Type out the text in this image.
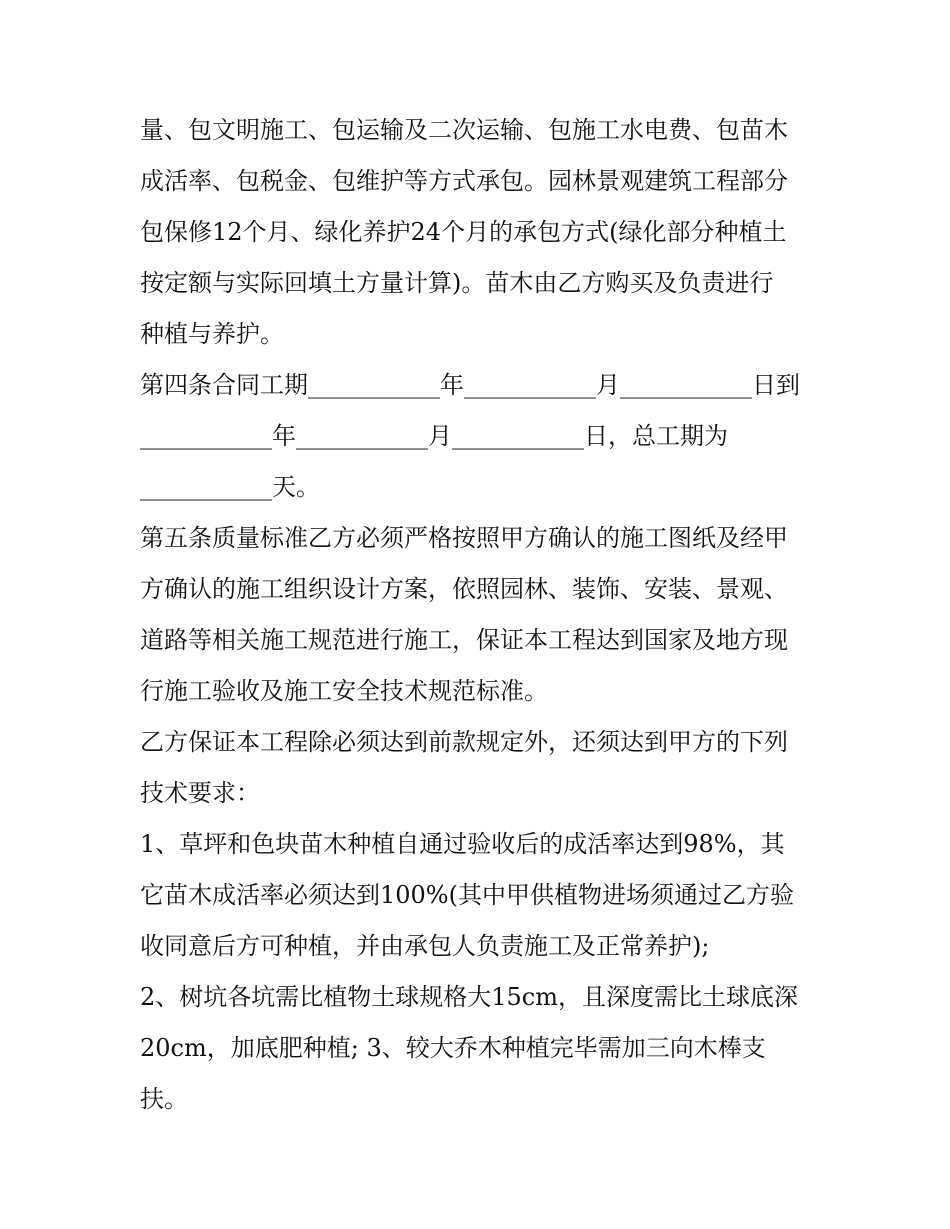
量、包文明施工、包运输及二次运输、包施工水电费、包苗木
成活率、包税金、包维护等方式承包。园林景观建筑工程部分
包保修12个月、绿化养护24个月的承包方式(绿化部分种植土
按定额与实际回填土方量计算)。苗木由乙方购买及负责进行
种植与养护。
第四条合同工期___________年___________月___________日到
___________年___________月___________日，总工期为
___________天。
第五条质量标准乙方必须严格按照甲方确认的施工图纸及经甲
方确认的施工组织设计方案，依照园林、装饰、安装、景观、
道路等相关施工规范进行施工，保证本工程达到国家及地方现
行施工验收及施工安全技术规范标准。
乙方保证本工程除必须达到前款规定外，还须达到甲方的下列
技术要求：
1、草坪和色块苗木种植自通过验收后的成活率达到98%，其
它苗木成活率必须达到100%(其中甲供植物进场须通过乙方验
收同意后方可种植，并由承包人负责施工及正常养护);
2、树坑各坑需比植物土球规格大15cm，且深度需比土球底深
20cm，加底肥种植; 3、较大乔木种植完毕需加三向木棒支
扶。
